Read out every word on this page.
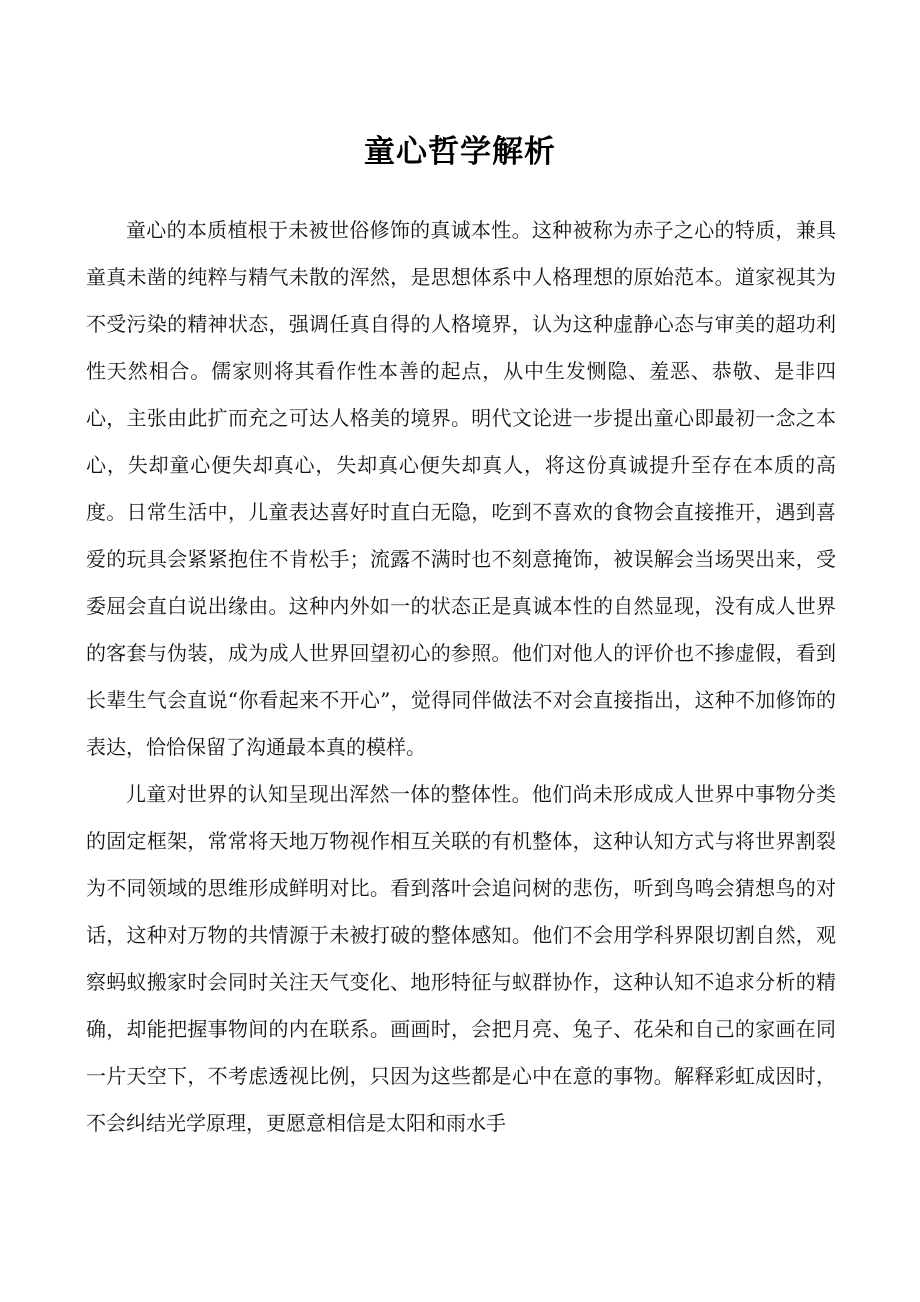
童心哲学解析

童心的本质植根于未被世俗修饰的真诚本性。这种被称为赤子之心的特质，兼具童真未凿的纯粹与精气未散的浑然，是思想体系中人格理想的原始范本。道家视其为不受污染的精神状态，强调任真自得的人格境界，认为这种虚静心态与审美的超功利性天然相合。儒家则将其看作性本善的起点，从中生发恻隐、羞恶、恭敬、是非四心，主张由此扩而充之可达人格美的境界。明代文论进一步提出童心即最初一念之本心，失却童心便失却真心，失却真心便失却真人，将这份真诚提升至存在本质的高度。日常生活中，儿童表达喜好时直白无隐，吃到不喜欢的食物会直接推开，遇到喜爱的玩具会紧紧抱住不肯松手；流露不满时也不刻意掩饰，被误解会当场哭出来，受委屈会直白说出缘由。这种内外如一的状态正是真诚本性的自然显现，没有成人世界的客套与伪装，成为成人世界回望初心的参照。他们对他人的评价也不掺虚假，看到长辈生气会直说“你看起来不开心”，觉得同伴做法不对会直接指出，这种不加修饰的表达，恰恰保留了沟通最本真的模样。

儿童对世界的认知呈现出浑然一体的整体性。他们尚未形成成人世界中事物分类的固定框架，常常将天地万物视作相互关联的有机整体，这种认知方式与将世界割裂为不同领域的思维形成鲜明对比。看到落叶会追问树的悲伤，听到鸟鸣会猜想鸟的对话，这种对万物的共情源于未被打破的整体感知。他们不会用学科界限切割自然，观察蚂蚁搬家时会同时关注天气变化、地形特征与蚁群协作，这种认知不追求分析的精确，却能把握事物间的内在联系。画画时，会把月亮、兔子、花朵和自己的家画在同一片天空下，不考虑透视比例，只因为这些都是心中在意的事物。解释彩虹成因时，不会纠结光学原理，更愿意相信是太阳和雨水手
